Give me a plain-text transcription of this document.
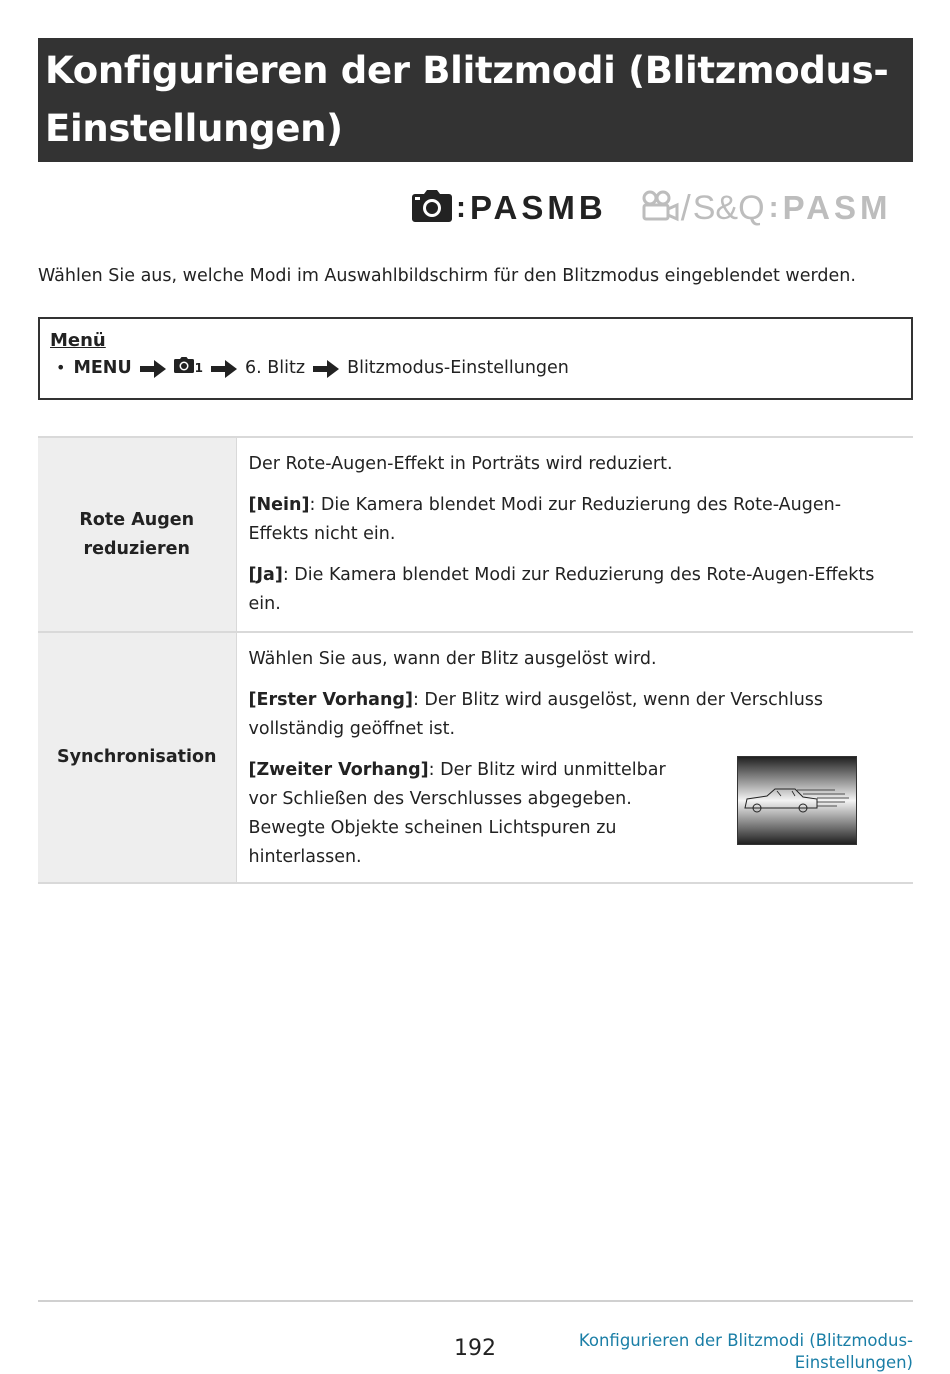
Konfigurieren der Blitzmodi (Blitzmodus-Einstellungen)
: PASMB / S&Q : PASM

Wählen Sie aus, welche Modi im Auswahlbildschirm für den Blitzmodus eingeblendet werden.

Menü
• MENU	1 6. Blitz Blitzmodus-Einstellungen
Rote Augen reduzieren	Der Rote-Augen-Effekt in Porträts wird reduziert.

[Nein]: Die Kamera blendet Modi zur Reduzierung des Rote-Augen-Effekts nicht ein.

[Ja]: Die Kamera blendet Modi zur Reduzierung des Rote-Augen-Effekts ein.

Synchronisation	Wählen Sie aus, wann der Blitz ausgelöst wird.

[Erster Vorhang]: Der Blitz wird ausgelöst, wenn der Verschluss vollständig geöffnet ist.

[Zweiter Vorhang]: Der Blitz wird unmittelbar vor Schließen des Verschlusses abgegeben. Bewegte Objekte scheinen Lichtspuren zu hinterlassen.

192	Konfigurieren der Blitzmodi (Blitzmodus-
Einstellungen)
